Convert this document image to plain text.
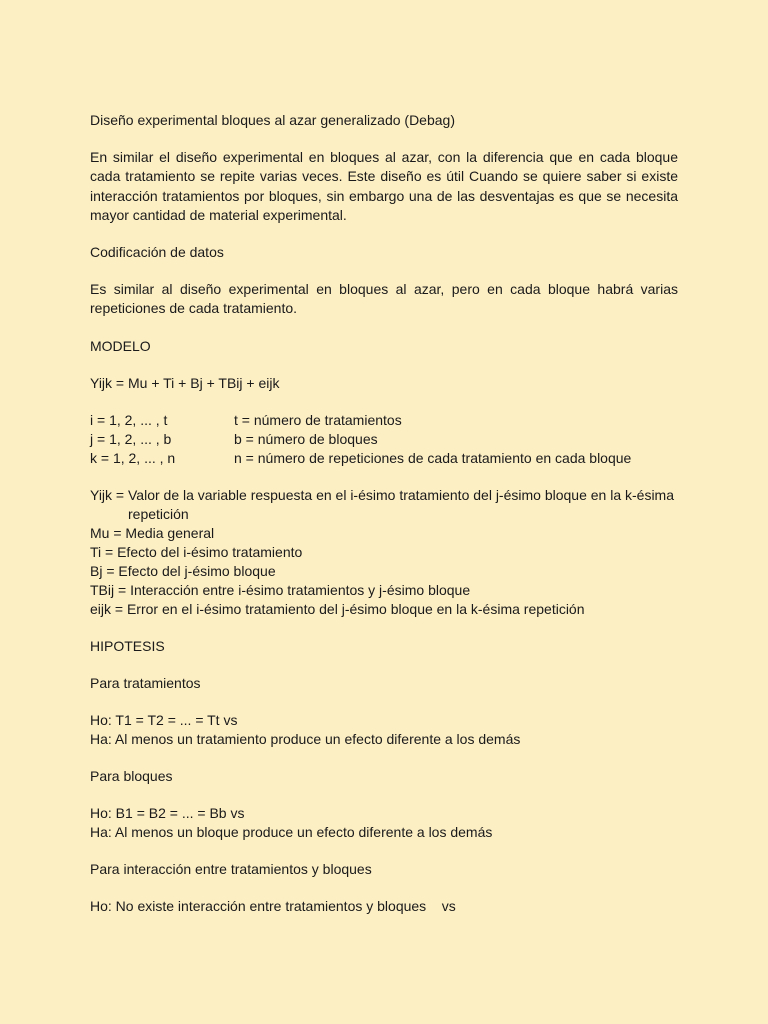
Diseño experimental bloques al azar generalizado (Debag)
En similar el diseño experimental en bloques al azar, con la diferencia que en cada bloque cada tratamiento se repite varias veces. Este diseño es útil Cuando se quiere saber si existe interacción tratamientos por bloques, sin embargo una de las desventajas es que se necesita mayor cantidad de material experimental.
Codificación de datos
Es similar al diseño experimental en bloques al azar, pero en cada bloque habrá varias repeticiones de cada tratamiento.
MODELO
Yijk = Mu + Ti + Bj + TBij + eijk
i = 1, 2, ... , t	t = número de tratamientos
j = 1, 2, ... , b	b = número de bloques
k = 1, 2, ... , n	n = número de repeticiones de cada tratamiento en cada bloque
Yijk = Valor de la variable respuesta en el i-ésimo tratamiento del j-ésimo bloque en la k-ésima
repetición
Mu = Media general
Ti = Efecto del i-ésimo tratamiento
Bj = Efecto del j-ésimo bloque
TBij = Interacción entre i-ésimo tratamientos y j-ésimo bloque
eijk = Error en el i-ésimo tratamiento del j-ésimo bloque en la k-ésima repetición
HIPOTESIS
Para tratamientos
Ho: T1 = T2 = ... = Tt vs
Ha: Al menos un tratamiento produce un efecto diferente a los demás
Para bloques
Ho: B1 = B2 = ... = Bb vs
Ha: Al menos un bloque produce un efecto diferente a los demás
Para interacción entre tratamientos y bloques
Ho: No existe interacción entre tratamientos y bloques    vs
